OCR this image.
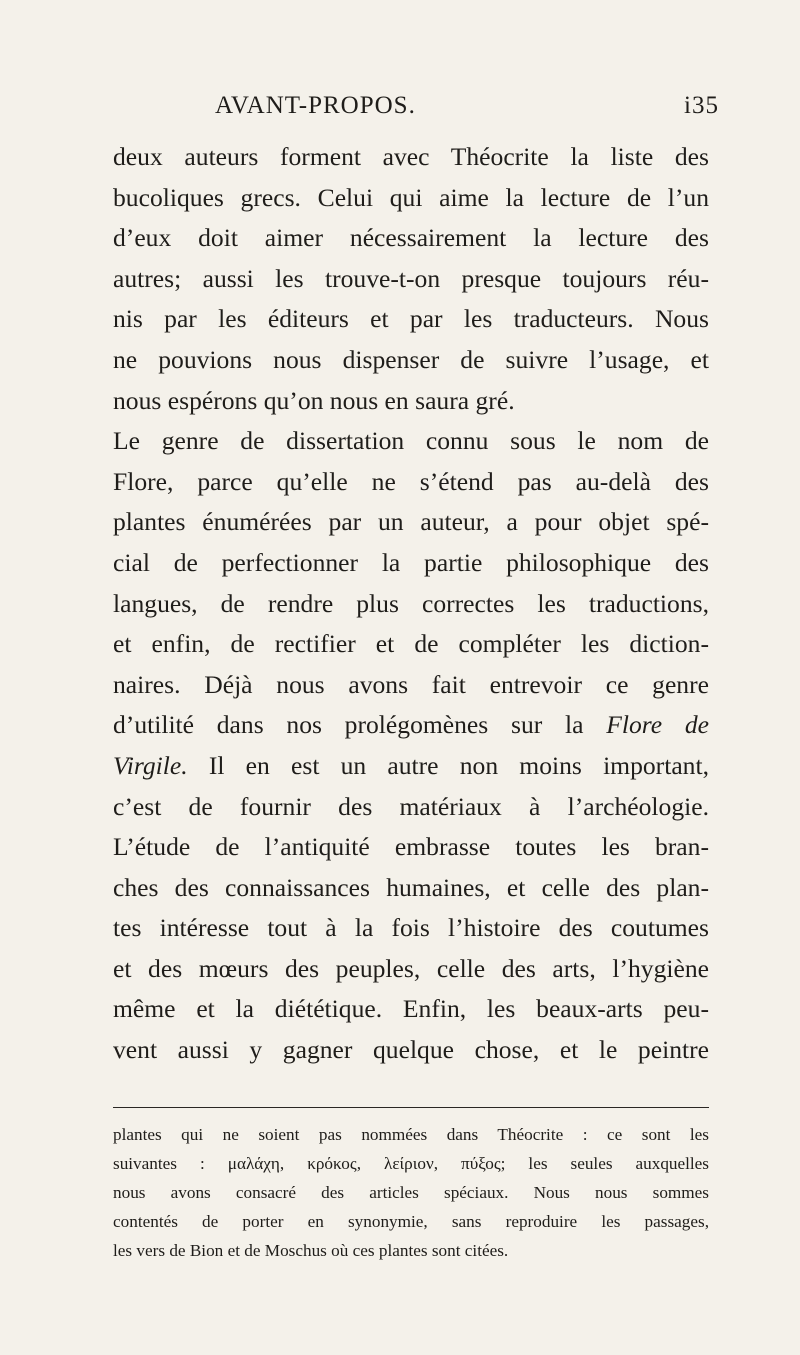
AVANT-PROPOS.	i35
deux auteurs forment avec Théocrite la liste des
bucoliques grecs. Celui qui aime la lecture de l’un
d’eux doit aimer nécessairement la lecture des
autres; aussi les trouve-t-on presque toujours réu-
nis par les éditeurs et par les traducteurs. Nous
ne pouvions nous dispenser de suivre l’usage, et
nous espérons qu’on nous en saura gré.
Le genre de dissertation connu sous le nom de
Flore, parce qu’elle ne s’étend pas au-delà des
plantes énumérées par un auteur, a pour objet spé-
cial de perfectionner la partie philosophique des
langues, de rendre plus correctes les traductions,
et enfin, de rectifier et de compléter les diction-
naires. Déjà nous avons fait entrevoir ce genre
d’utilité dans nos prolégomènes sur la Flore de
Virgile. Il en est un autre non moins important,
c’est de fournir des matériaux à l’archéologie.
L’étude de l’antiquité embrasse toutes les bran-
ches des connaissances humaines, et celle des plan-
tes intéresse tout à la fois l’histoire des coutumes
et des mœurs des peuples, celle des arts, l’hygiène
même et la diététique. Enfin, les beaux-arts peu-
vent aussi y gagner quelque chose, et le peintre
plantes qui ne soient pas nommées dans Théocrite : ce sont les
suivantes : μαλάχη, κρόκος, λείριον, πύξος; les seules auxquelles
nous avons consacré des articles spéciaux. Nous nous sommes
contentés de porter en synonymie, sans reproduire les passages,
les vers de Bion et de Moschus où ces plantes sont citées.
